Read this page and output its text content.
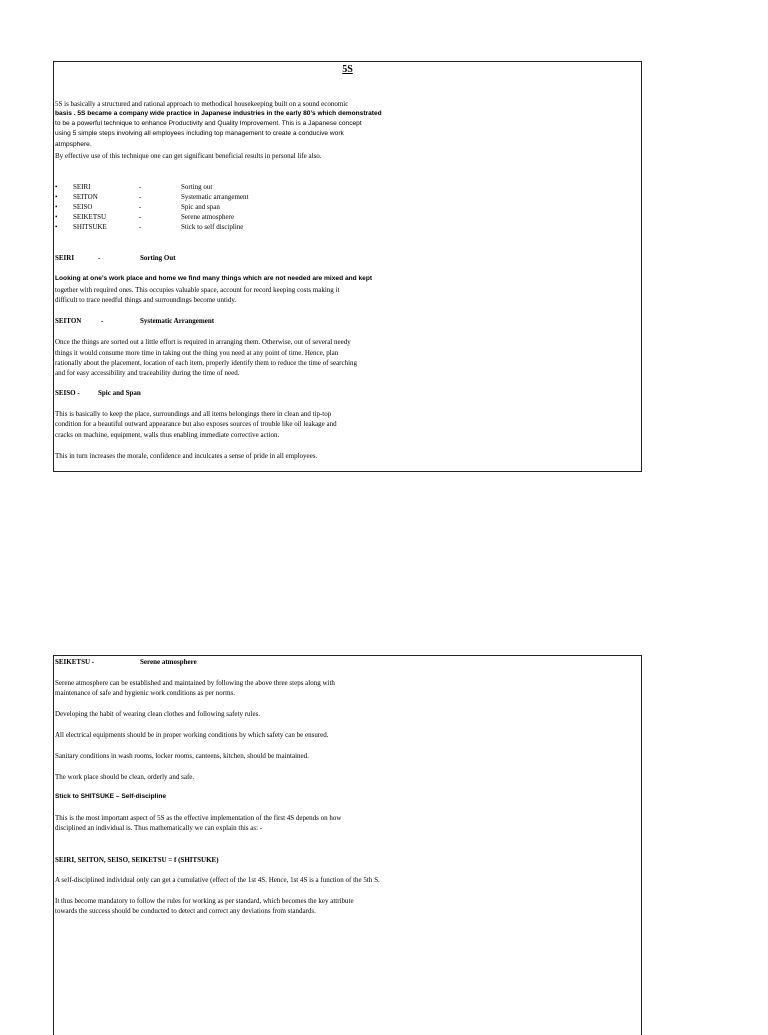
5S
5S is basically a structured and rational approach to methodical housekeeping built on a sound economic
basis . 5S became a company wide practice in Japanese industries in the early 80’s which demonstrated
to be a powerful technique to enhance Productivity and Quality Improvement. This is a Japanese concept
using 5 simple steps involving all employees including top management to create a conducive work
atmpsphere.
By effective use of this technique one can get significant beneficial results in personal life also.
• SEIRI	-	Sorting out
• SEITON	-	Systematic arrangement
• SEISO	-	Spic and span
• SEIKETSU	-	Serene atmosphere
• SHITSUKE	-	Stick to self discipline
SEIRI	-	Sorting Out
Looking at one’s work place and home we find many things which are not needed are mixed and kept
together with required ones. This occupies valuable space, account for record keeping costs making it
difficult to trace needful things and surroundings become untidy.
SEITON	-	Systematic Arrangement
Once the things are sorted out a little effort is required in arranging them. Otherwise, out of several needy
things it would consume more time in taking out the thing you need at any point of time. Hence, plan
rationally about the placement, location of each item, properly identify them to reduce the time of searching
and for easy accessibility and traceability during the time of need.
SEISO -	Spic and Span
This is basically to keep the place, surroundings and all items belongings there in clean and tip-top
condition for a beautiful outward appearance but also exposes sources of trouble like oil leakage and
cracks on machine, equipment, walls thus enabling immediate corrective action.
This in turn increases the morale, confidence and inculcates a sense of pride in all employees.
SEIKETSU -	Serene atmosphere
Serene atmosphere can be established and maintained by following the above three steps along with
maintenance of safe and hygienic work conditions as per norms.
Developing the habit of wearing clean clothes and following safety rules.
All electrical equipments should be in proper working conditions by which safety can be ensured.
Sanitary conditions in wash rooms, locker rooms, canteens, kitchen, should be maintained.
The work place should be clean, orderly and safe.
Stick to SHITSUKE – Self-discipline
This is the most important aspect of 5S as the effective implementation of the first 4S depends on how
disciplined an individual is. Thus mathematically we can explain this as: -
SEIRI, SEITON, SEISO, SEIKETSU = f (SHITSUKE)
A self-disciplined individual only can get a cumulative (effect of the 1st 4S. Hence, 1st 4S is a function of the 5th S.
It thus become mandatory to follow the rules for working as per standard, which becomes the key attribute
towards the success should be conducted to detect and correct any deviations from standards.
